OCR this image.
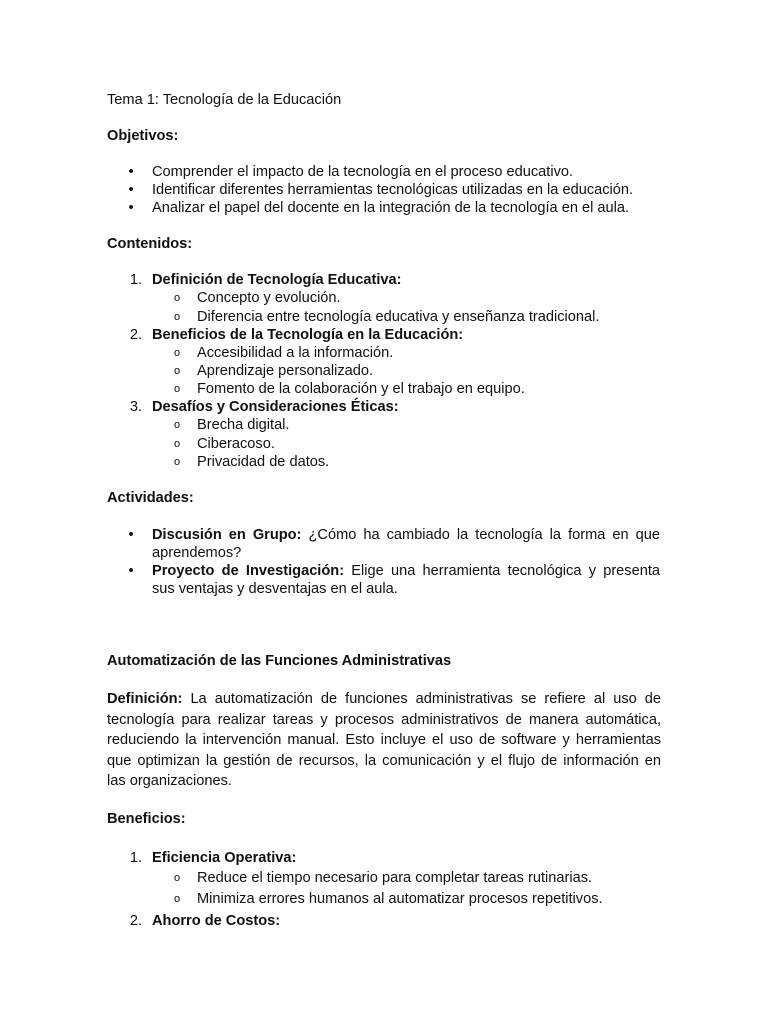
Tema 1: Tecnología de la Educación
Objetivos:
• Comprender el impacto de la tecnología en el proceso educativo.
• Identificar diferentes herramientas tecnológicas utilizadas en la educación.
• Analizar el papel del docente en la integración de la tecnología en el aula.
Contenidos:
1. Definición de Tecnología Educativa:
o Concepto y evolución.
o Diferencia entre tecnología educativa y enseñanza tradicional.
2. Beneficios de la Tecnología en la Educación:
o Accesibilidad a la información.
o Aprendizaje personalizado.
o Fomento de la colaboración y el trabajo en equipo.
3. Desafíos y Consideraciones Éticas:
o Brecha digital.
o Ciberacoso.
o Privacidad de datos.
Actividades:
• Discusión en Grupo: ¿Cómo ha cambiado la tecnología la forma en que
aprendemos?
• Proyecto de Investigación: Elige una herramienta tecnológica y presenta
sus ventajas y desventajas en el aula.
Automatización de las Funciones Administrativas
Definición: La automatización de funciones administrativas se refiere al uso de
tecnología para realizar tareas y procesos administrativos de manera automática,
reduciendo la intervención manual. Esto incluye el uso de software y herramientas
que optimizan la gestión de recursos, la comunicación y el flujo de información en
las organizaciones.
Beneficios:
1. Eficiencia Operativa:
o Reduce el tiempo necesario para completar tareas rutinarias.
o Minimiza errores humanos al automatizar procesos repetitivos.
2. Ahorro de Costos:
